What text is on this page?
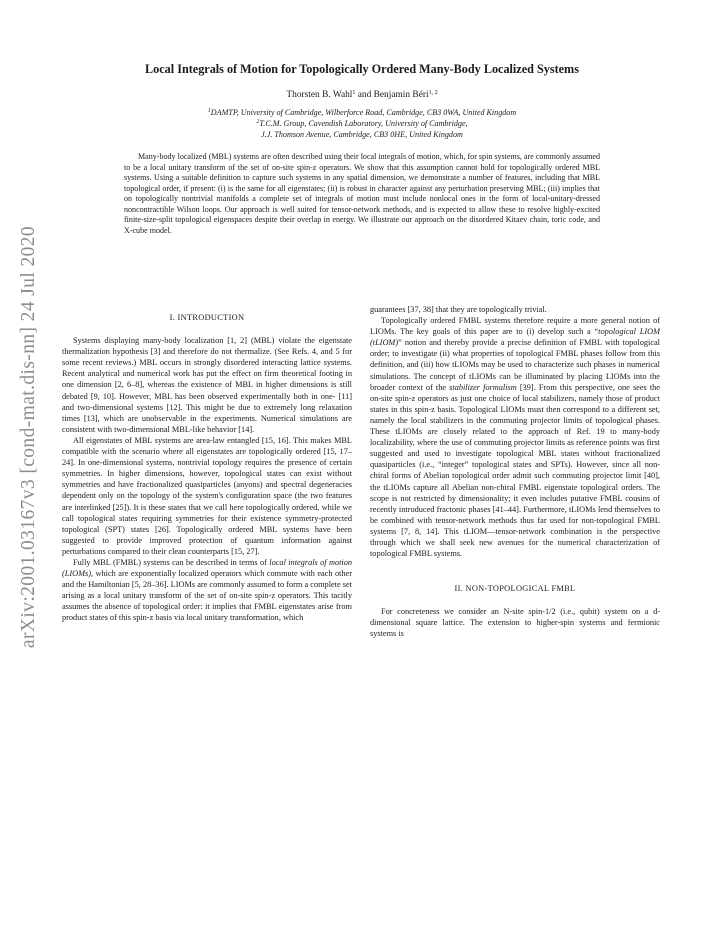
arXiv:2001.03167v3 [cond-mat.dis-nn] 24 Jul 2020
Local Integrals of Motion for Topologically Ordered Many-Body Localized Systems
Thorsten B. Wahl$^1$ and Benjamin Béri$^{1, 2}$
$^1$DAMTP, University of Cambridge, Wilberforce Road, Cambridge, CB3 0WA, United Kingdom
$^2$T.C.M. Group, Cavendish Laboratory, University of Cambridge,
J.J. Thomson Avenue, Cambridge, CB3 0HE, United Kingdom
Many-body localized (MBL) systems are often described using their local integrals of motion, which, for spin systems, are commonly assumed to be a local unitary transform of the set of on-site spin-z operators. We show that this assumption cannot hold for topologically ordered MBL systems. Using a suitable definition to capture such systems in any spatial dimension, we demonstrate a number of features, including that MBL topological order, if present: (i) is the same for all eigenstates; (ii) is robust in character against any perturbation preserving MBL; (iii) implies that on topologically nontrivial manifolds a complete set of integrals of motion must include nonlocal ones in the form of local-unitary-dressed noncontractible Wilson loops. Our approach is well suited for tensor-network methods, and is expected to allow these to resolve highly-excited finite-size-split topological eigenspaces despite their overlap in energy. We illustrate our approach on the disordered Kitaev chain, toric code, and X-cube model.
I. INTRODUCTION

Systems displaying many-body localization [1, 2] (MBL) violate the eigenstate thermalization hypothesis [3] and therefore do not thermalize. (See Refs. 4, and 5 for some recent reviews.) MBL occurs in strongly disordered interacting lattice systems. Recent analytical and numerical work has put the effect on firm theoretical footing in one dimension [2, 6–8], whereas the existence of MBL in higher dimensions is still debated [9, 10]. However, MBL has been observed experimentally both in one- [11] and two-dimensional systems [12]. This might be due to extremely long relaxation times [13], which are unobservable in the experiments. Numerical simulations are consistent with two-dimensional MBL-like behavior [14].

All eigenstates of MBL systems are area-law entangled [15, 16]. This makes MBL compatible with the scenario where all eigenstates are topologically ordered [15, 17–24]. In one-dimensional systems, nontrivial topology requires the presence of certain symmetries. In higher dimensions, however, topological states can exist without symmetries and have fractionalized quasiparticles (anyons) and spectral degeneracies dependent only on the topology of the system's configuration space (the two features are interlinked [25]). It is these states that we call here topologically ordered, while we call topological states requiring symmetries for their existence symmetry-protected topological (SPT) states [26]. Topologically ordered MBL systems have been suggested to provide improved protection of quantum information against perturbations compared to their clean counterparts [15, 27].

Fully MBL (FMBL) systems can be described in terms of local integrals of motion (LIOMs), which are exponentially localized operators which commute with each other and the Hamiltonian [5, 28–36]. LIOMs are commonly assumed to form a complete set arising as a local unitary transform of the set of on-site spin-z operators. This tacitly assumes the absence of topological order: it implies that FMBL eigenstates arise from product states of this spin-z basis via local unitary transformation, which

guarantees [37, 38] that they are topologically trivial.

Topologically ordered FMBL systems therefore require a more general notion of LIOMs. The key goals of this paper are to (i) develop such a “topological LIOM (tLIOM)” notion and thereby provide a precise definition of FMBL with topological order; to investigate (ii) what properties of topological FMBL phases follow from this definition, and (iii) how tLIOMs may be used to characterize such phases in numerical simulations. The concept of tLIOMs can be illuminated by placing LIOMs into the broader context of the stabilizer formalism [39]. From this perspective, one sees the on-site spin-z operators as just one choice of local stabilizers, namely those of product states in this spin-z basis. Topological LIOMs must then correspond to a different set, namely the local stabilizers in the commuting projector limits of topological phases. These tLIOMs are closely related to the approach of Ref. 19 to many-body localizability, where the use of commuting projector limits as reference points was first suggested and used to investigate topological MBL states without fractionalized quasiparticles (i.e., “integer” topological states and SPTs). However, since all non-chiral forms of Abelian topological order admit such commuting projector limit [40], the tLIOMs capture all Abelian non-chiral FMBL eigenstate topological orders. The scope is not restricted by dimensionality; it even includes putative FMBL cousins of recently introduced fractonic phases [41–44]. Furthermore, tLIOMs lend themselves to be combined with tensor-network methods thus far used for non-topological FMBL systems [7, 8, 14]. This tLIOM—tensor-network combination is the perspective through which we shall seek new avenues for the numerical characterization of topological FMBL systems.

II. NON-TOPOLOGICAL FMBL

For concreteness we consider an N-site spin-1/2 (i.e., qubit) system on a d-dimensional square lattice. The extension to higher-spin systems and fermionic systems is
